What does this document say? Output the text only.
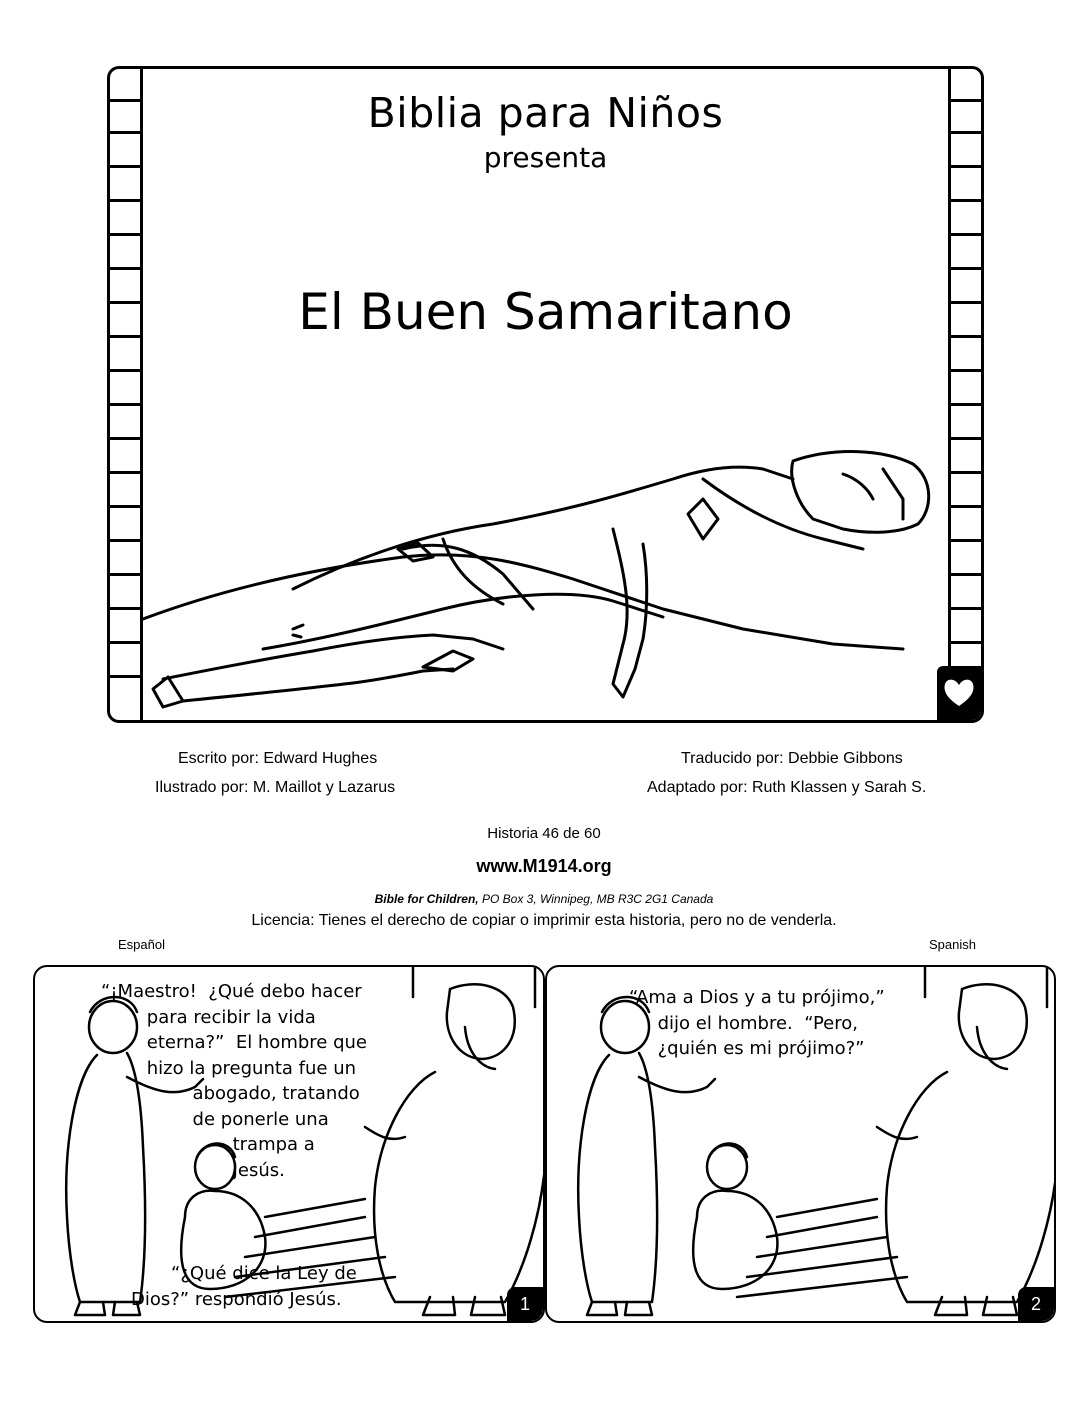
Biblia para Niños
presenta
El Buen Samaritano
Escrito por: Edward Hughes
Ilustrado por: M. Maillot y Lazarus
Traducido por: Debbie Gibbons
Adaptado por: Ruth Klassen y Sarah S.
Historia 46 de 60
www.M1914.org
Bible for Children, PO Box 3, Winnipeg, MB R3C 2G1 Canada
Licencia: Tienes el derecho de copiar o imprimir esta historia, pero no de venderla.
Español	Spanish
“¡Maestro!  ¿Qué debo hacer
para recibir la vida
eterna?”  El hombre que
hizo la pregunta fue un
abogado, tratando
de ponerle una
trampa a
Jesús.
“¿Qué dice la Ley de
Dios?” respondió Jesús.	1
“Ama a Dios y a tu prójimo,”
dijo el hombre.  “Pero,
¿quién es mi prójimo?”
2
